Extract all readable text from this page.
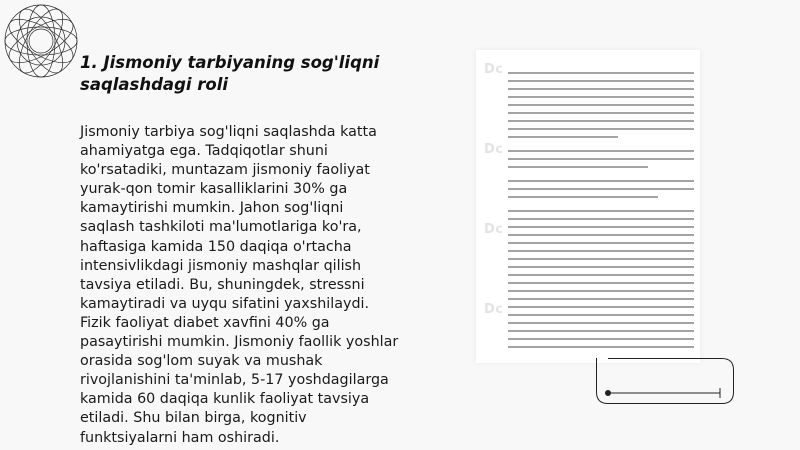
1. Jismoniy tarbiyaning sog'liqni saqlashdagi roli
Jismoniy tarbiya sog'liqni saqlashda katta ahamiyatga ega. Tadqiqotlar shuni ko'rsatadiki, muntazam jismoniy faoliyat yurak-qon tomir kasalliklarini 30% ga kamaytirishi mumkin. Jahon sog'liqni saqlash tashkiloti ma'lumotlariga ko'ra, haftasiga kamida 150 daqiqa o'rtacha intensivlikdagi jismoniy mashqlar qilish tavsiya etiladi. Bu, shuningdek, stressni kamaytiradi va uyqu sifatini yaxshilaydi. Fizik faoliyat diabet xavfini 40% ga pasaytirishi mumkin. Jismoniy faollik yoshlar orasida sog'lom suyak va mushak rivojlanishini ta'minlab, 5-17 yoshdagilarga kamida 60 daqiqa kunlik faoliyat tavsiya etiladi. Shu bilan birga, kognitiv funktsiyalarni ham oshiradi.
Dc
Dc
Dc
Dc
